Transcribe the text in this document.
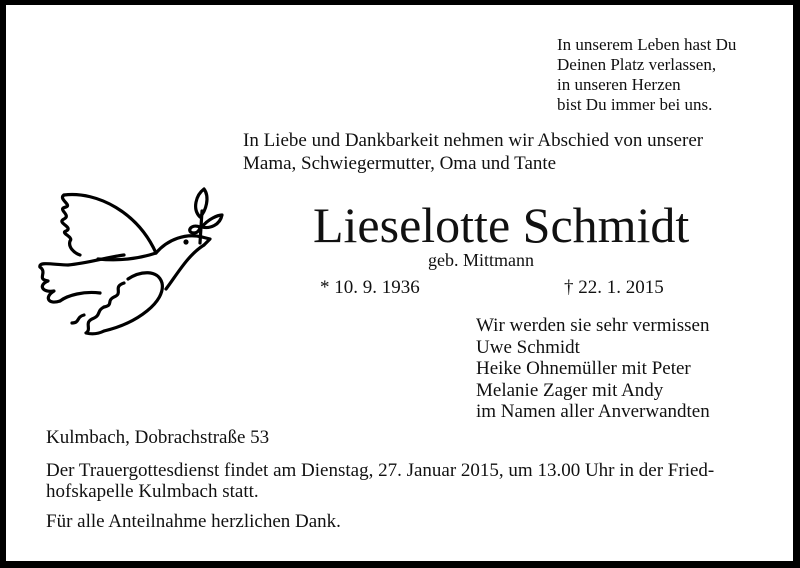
In unserem Leben hast Du
Deinen Platz verlassen,
in unseren Herzen
bist Du immer bei uns.
In Liebe und Dankbarkeit nehmen wir Abschied von unserer
Mama, Schwiegermutter, Oma und Tante
Lieselotte Schmidt
geb. Mittmann
* 10. 9. 1936	† 22. 1. 2015
Wir werden sie sehr vermissen
Uwe Schmidt
Heike Ohnemüller mit Peter
Melanie Zager mit Andy
im Namen aller Anverwandten
Kulmbach, Dobrachstraße 53
Der Trauergottesdienst findet am Dienstag, 27. Januar 2015, um 13.00 Uhr in der Fried-
hofskapelle Kulmbach statt.
Für alle Anteilnahme herzlichen Dank.
